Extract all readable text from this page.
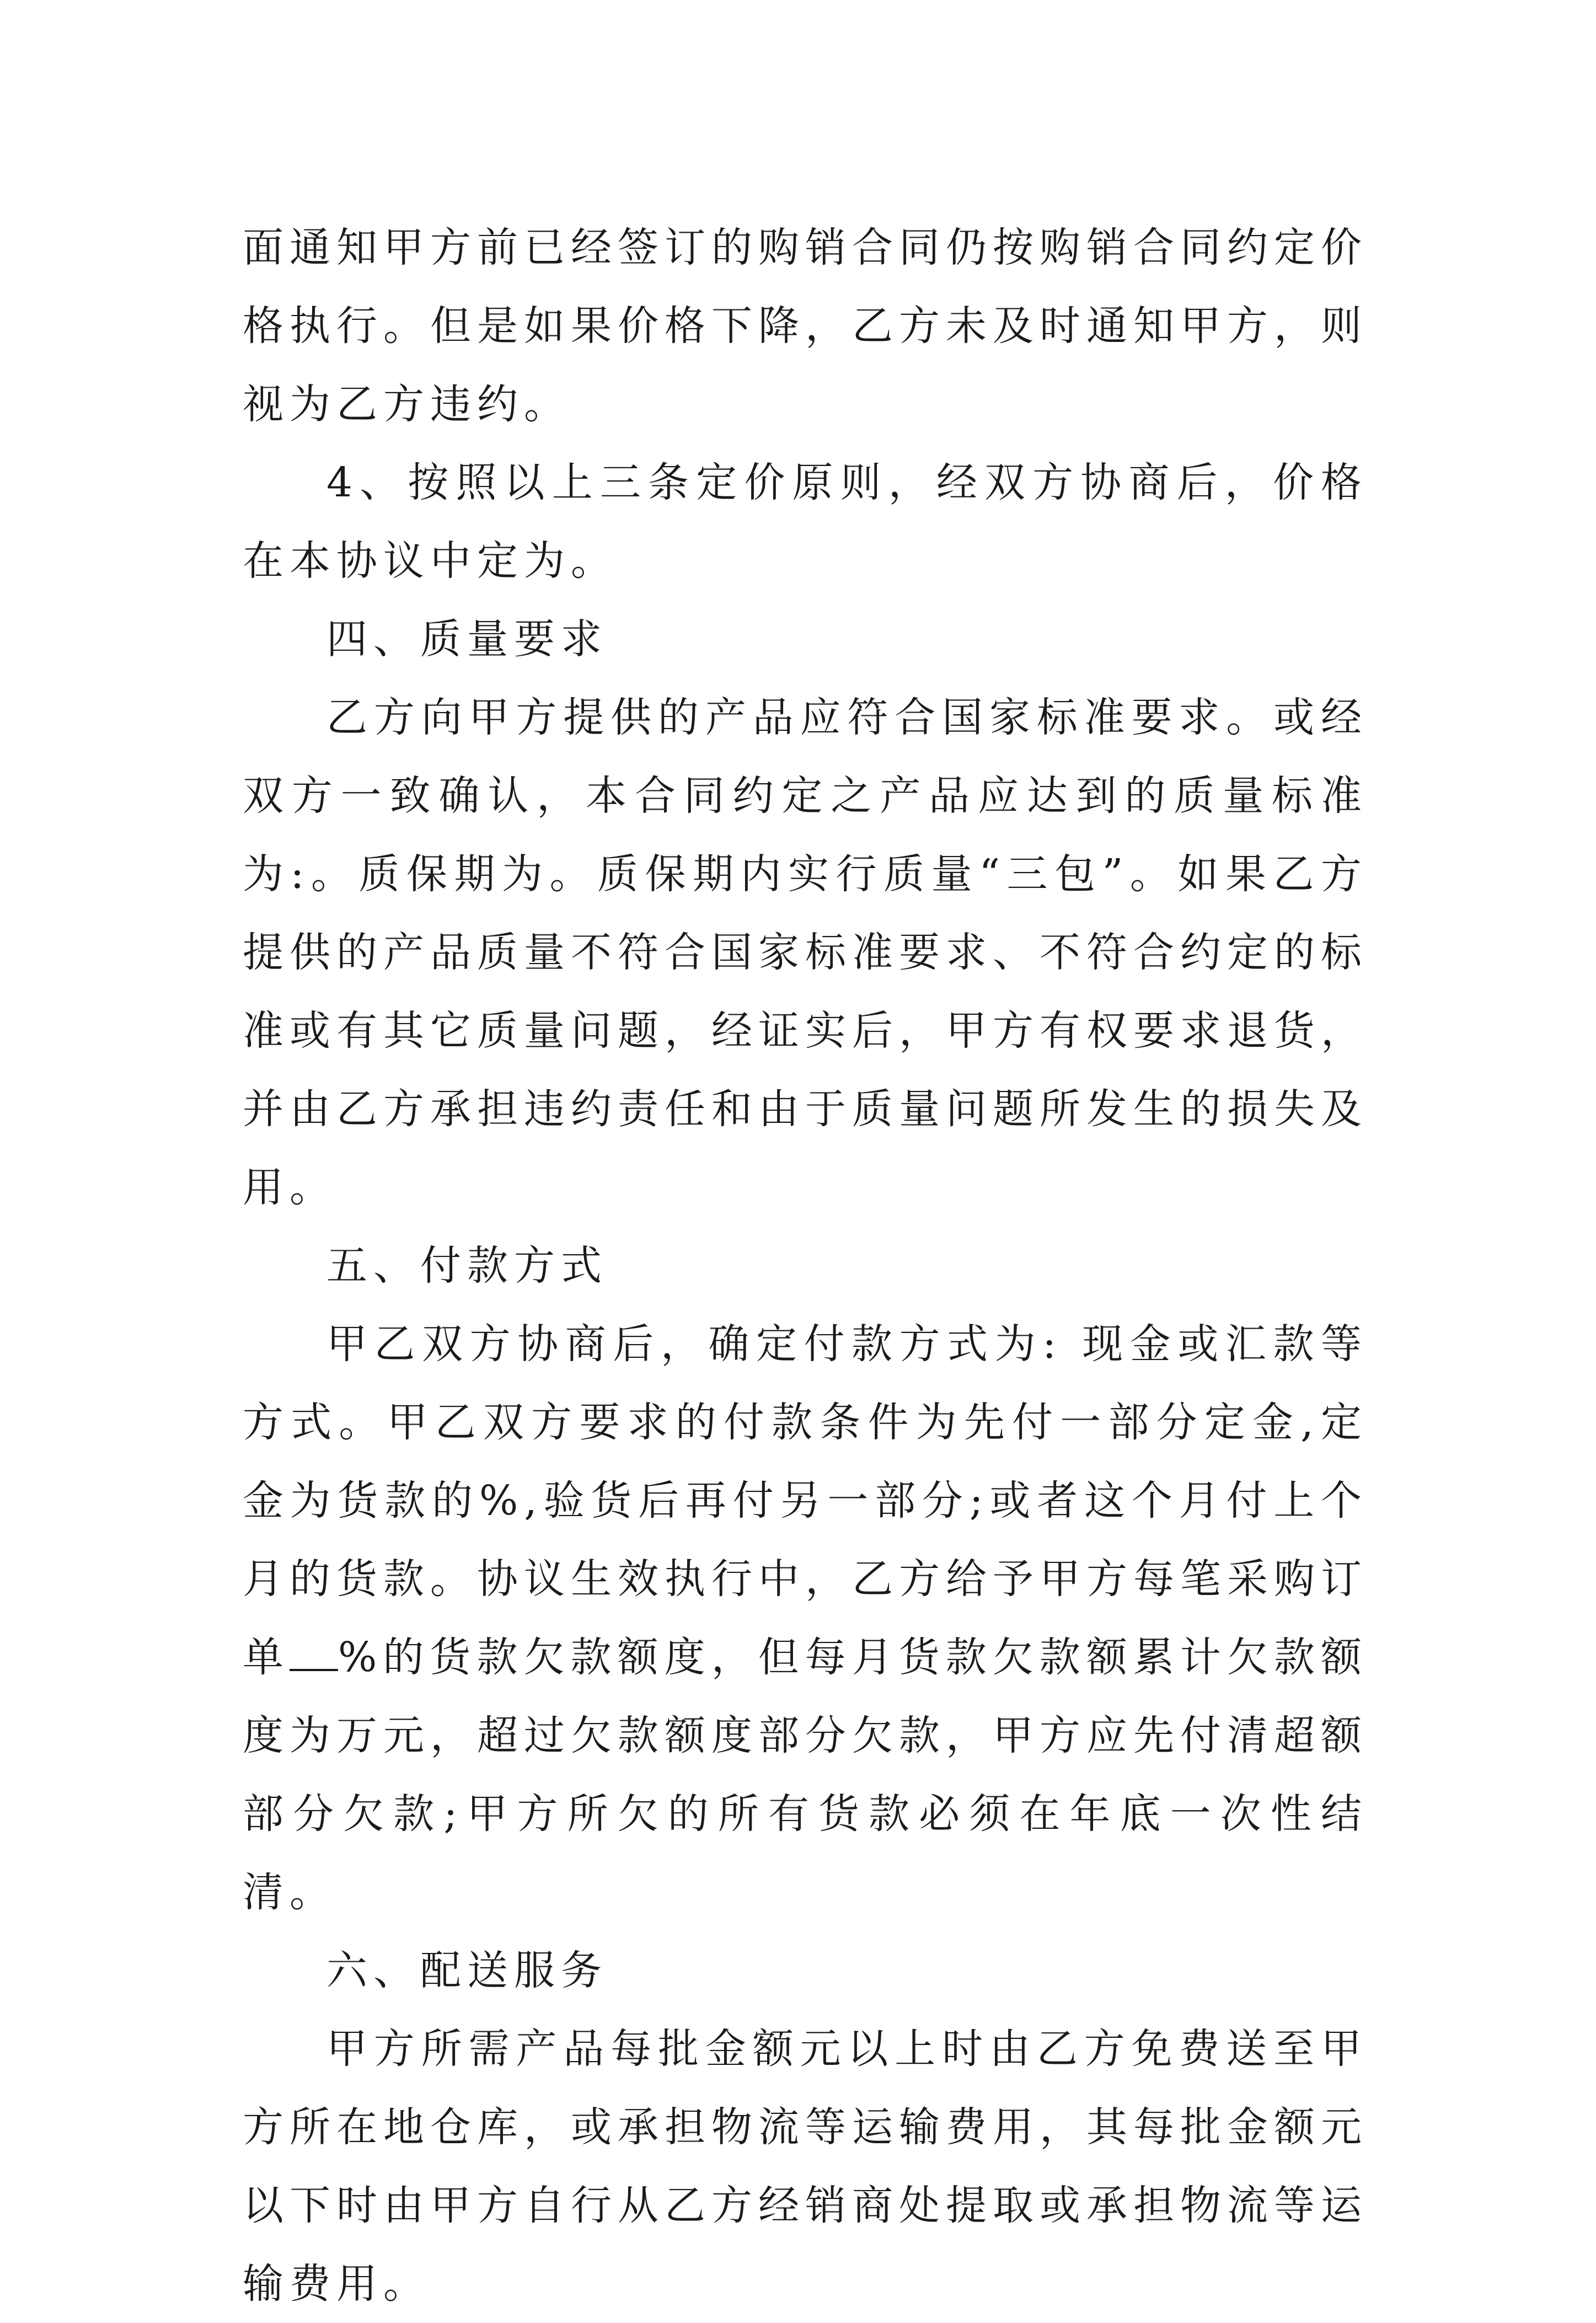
面通知甲方前已经签订的购销合同仍按购销合同约定价格执行。但是如果价格下降，乙方未及时通知甲方，则视为乙方违约。

4、按照以上三条定价原则，经双方协商后，价格在本协议中定为。

四、质量要求

乙方向甲方提供的产品应符合国家标准要求。或经双方一致确认，本合同约定之产品应达到的质量标准为:。质保期为。质保期内实行质量“三包”。如果乙方提供的产品质量不符合国家标准要求、不符合约定的标准或有其它质量问题，经证实后，甲方有权要求退货，并由乙方承担违约责任和由于质量问题所发生的损失及用。

五、付款方式

甲乙双方协商后，确定付款方式为: 现金或汇款等方式。甲乙双方要求的付款条件为先付一部分定金,定金为货款的%,验货后再付另一部分;或者这个月付上个月的货款。协议生效执行中，乙方给予甲方每笔采购订单 %的货款欠款额度，但每月货款欠款额累计欠款额度为万元，超过欠款额度部分欠款，甲方应先付清超额部分欠款;甲方所欠的所有货款必须在年底一次性结清。

六、配送服务

甲方所需产品每批金额元以上时由乙方免费送至甲方所在地仓库，或承担物流等运输费用，其每批金额元以下时由甲方自行从乙方经销商处提取或承担物流等运输费用。
